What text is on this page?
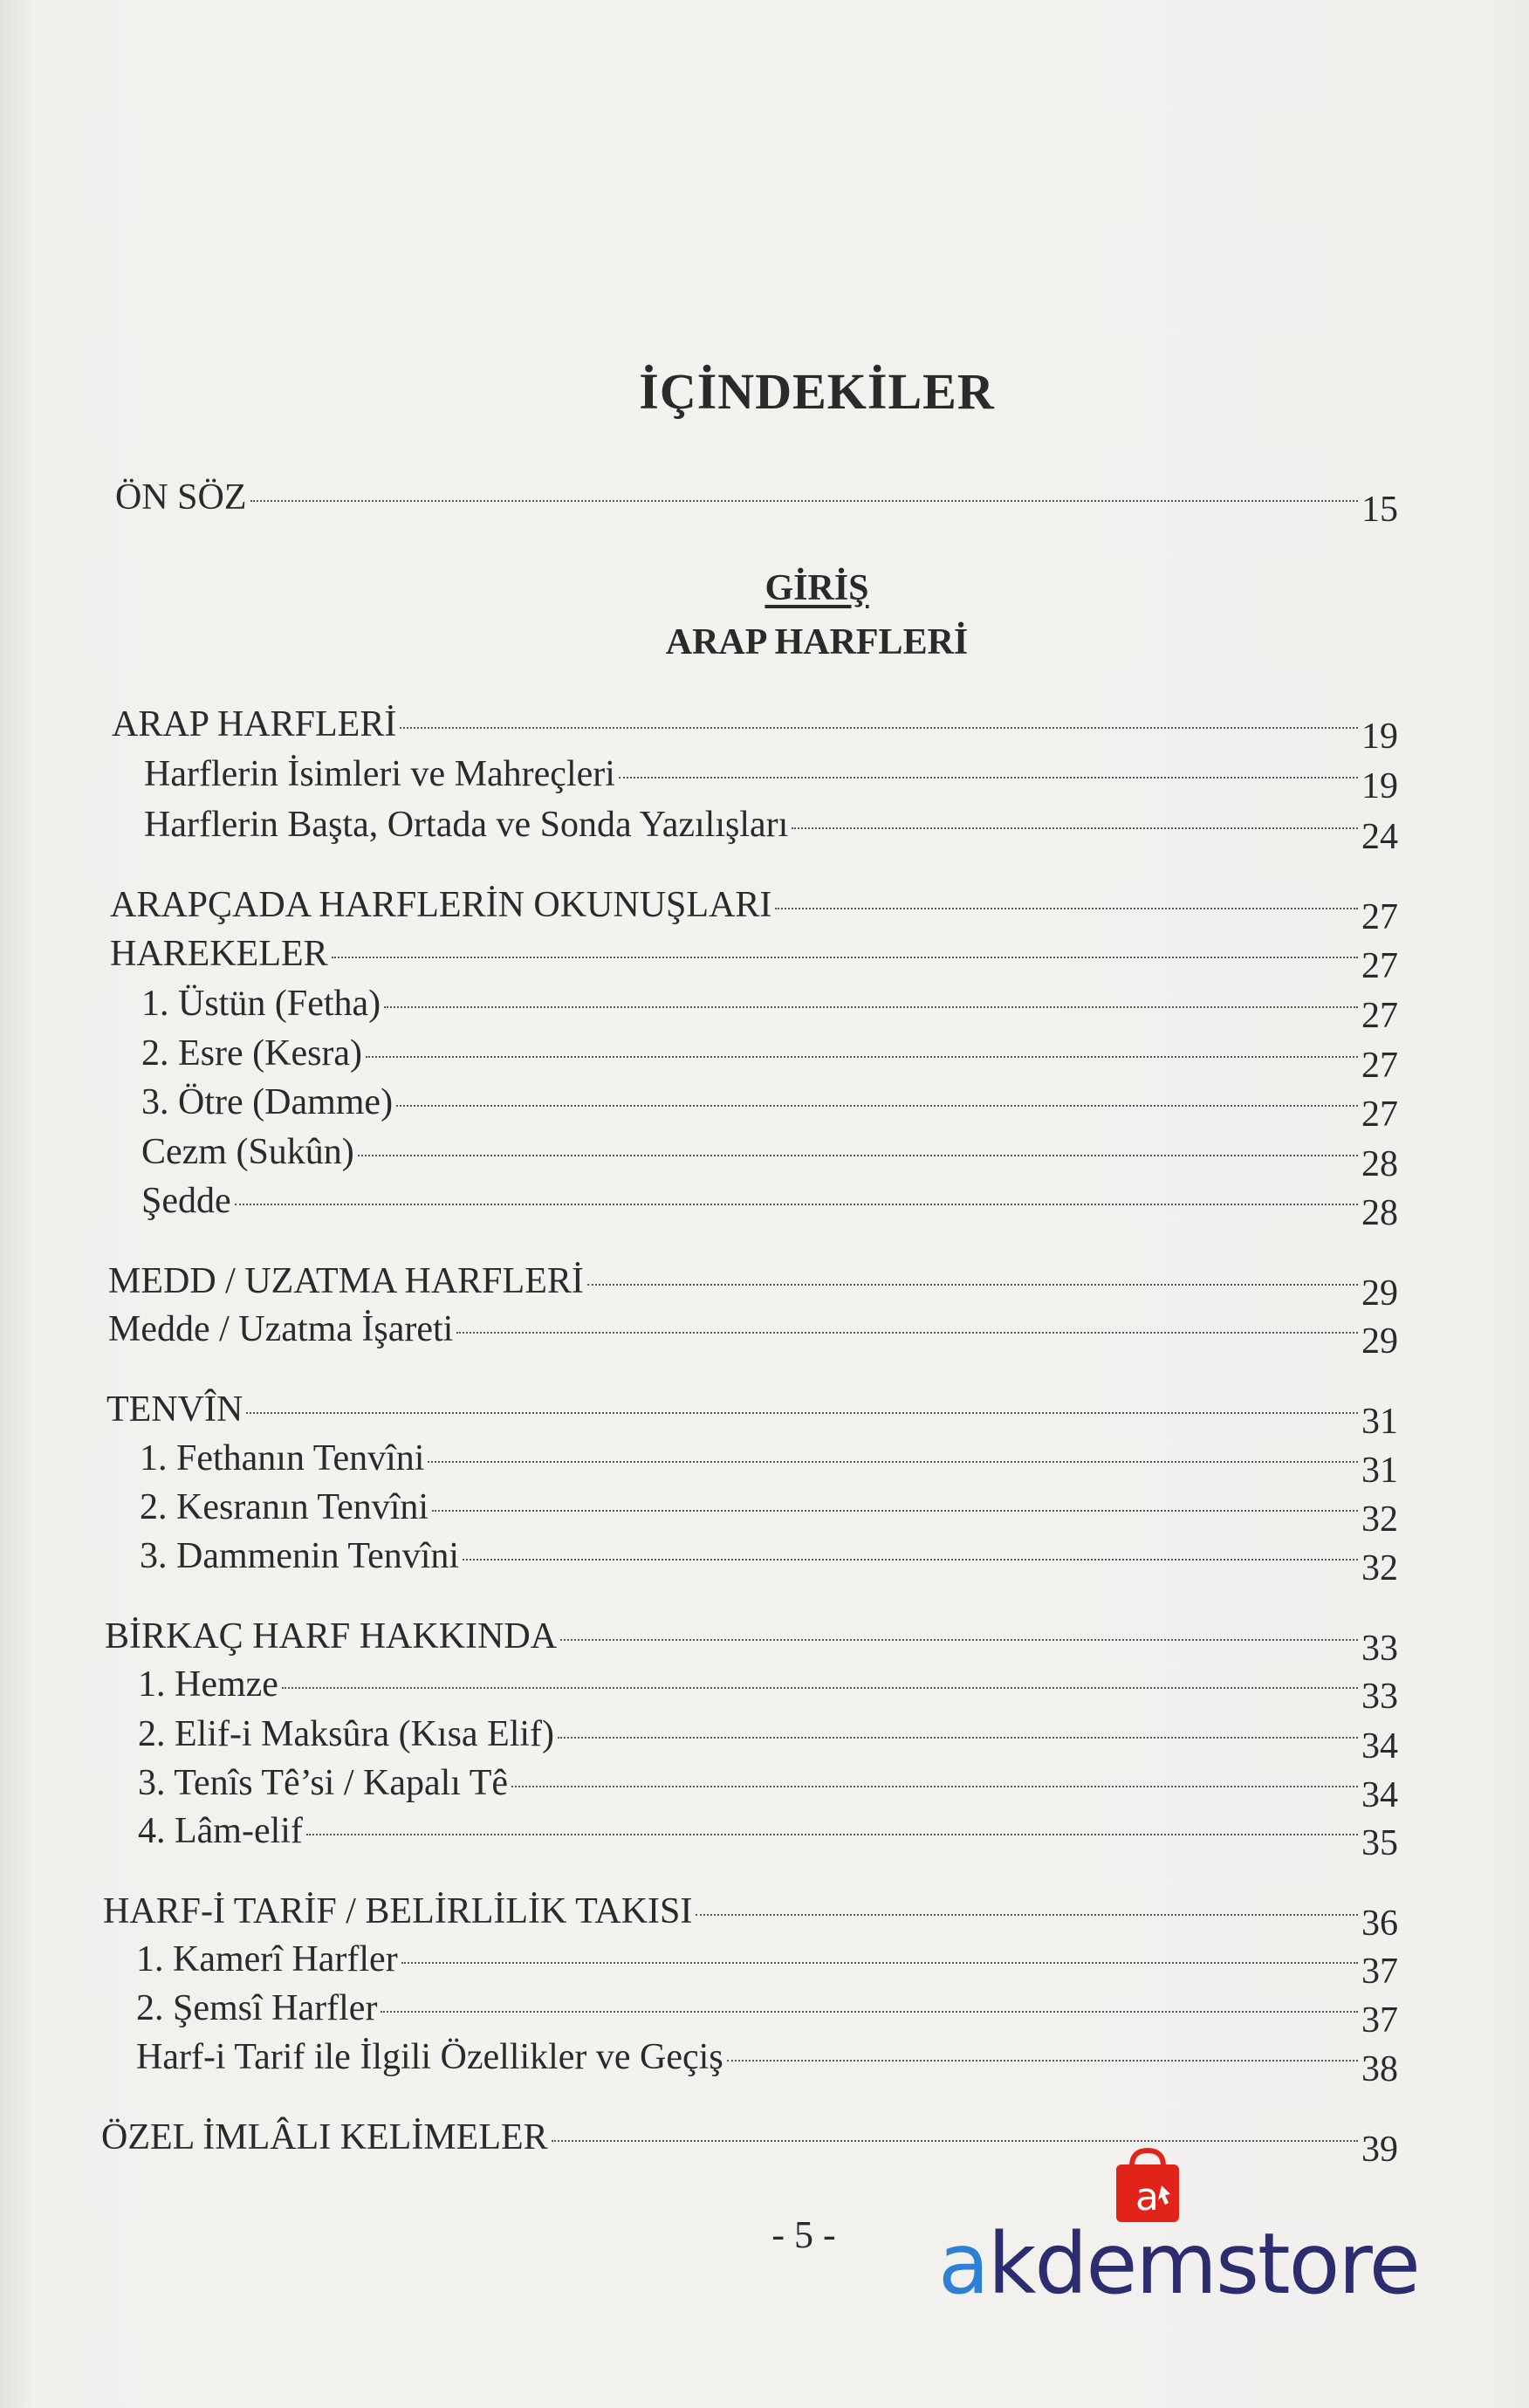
İÇİNDEKİLER
ÖN SÖZ	15
GİRİŞ
ARAP HARFLERİ
ARAP HARFLERİ	19
Harflerin İsimleri ve Mahreçleri	19
Harflerin Başta, Ortada ve Sonda Yazılışları	24
ARAPÇADA HARFLERİN OKUNUŞLARI	27
HAREKELER	27
1. Üstün (Fetha)	27
2. Esre (Kesra)	27
3. Ötre (Damme)	27
Cezm (Sukûn)	28
Şedde	28
MEDD / UZATMA HARFLERİ	29
Medde / Uzatma İşareti	29
TENVÎN	31
1. Fethanın Tenvîni	31
2. Kesranın Tenvîni	32
3. Dammenin Tenvîni	32
BİRKAÇ HARF HAKKINDA	33
1. Hemze	33
2. Elif-i Maksûra (Kısa Elif)	34
3. Tenîs Tê’si / Kapalı Tê	34
4. Lâm-elif	35
HARF-İ TARİF / BELİRLİLİK TAKISI	36
1. Kamerî Harfler	37
2. Şemsî Harfler	37
Harf-i Tarif ile İlgili Özellikler ve Geçiş	38
ÖZEL İMLÂLI KELİMELER	39
- 5 -
a
akdemstore
